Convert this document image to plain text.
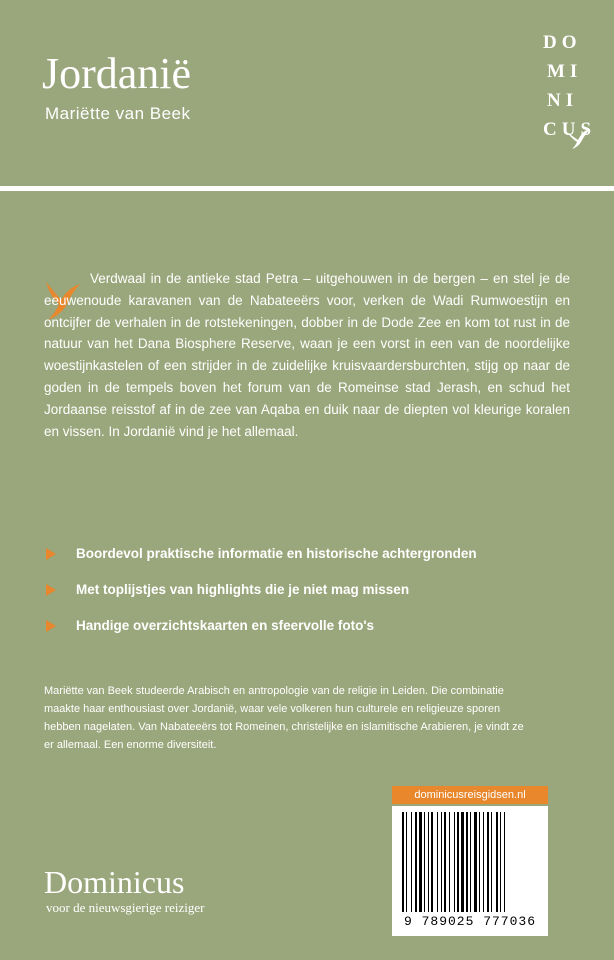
Jordanië
Mariëtte van Beek
DO
MI
NI
CUS

Verdwaal in de antieke stad Petra – uitgehouwen in de bergen – en stel je de eeuwenoude karavanen van de Nabateeërs voor, verken de Wadi Rumwoestijn en ontcijfer de verhalen in de rotstekeningen, dobber in de Dode Zee en kom tot rust in de natuur van het Dana Biosphere Reserve, waan je een vorst in een van de noordelijke woestijnkastelen of een strijder in de zuidelijke kruisvaardersburchten, stijg op naar de goden in de tempels boven het forum van de Romeinse stad Jerash, en schud het Jordaanse reisstof af in de zee van Aqaba en duik naar de diepten vol kleurige koralen en vissen. In Jordanië vind je het allemaal.

Boordevol praktische informatie en historische achtergronden
Met toplijstjes van highlights die je niet mag missen
Handige overzichtskaarten en sfeervolle foto's

Mariëtte van Beek studeerde Arabisch en antropologie van de religie in Leiden. Die combinatie maakte haar enthousiast over Jordanië, waar vele volkeren hun culturele en religieuze sporen hebben nagelaten. Van Nabateeërs tot Romeinen, christelijke en islamitische Arabieren, je vindt ze er allemaal. Een enorme diversiteit.

Dominicus
voor de nieuwsgierige reiziger
dominicusreisgidsen.nl
9 789025 777036
